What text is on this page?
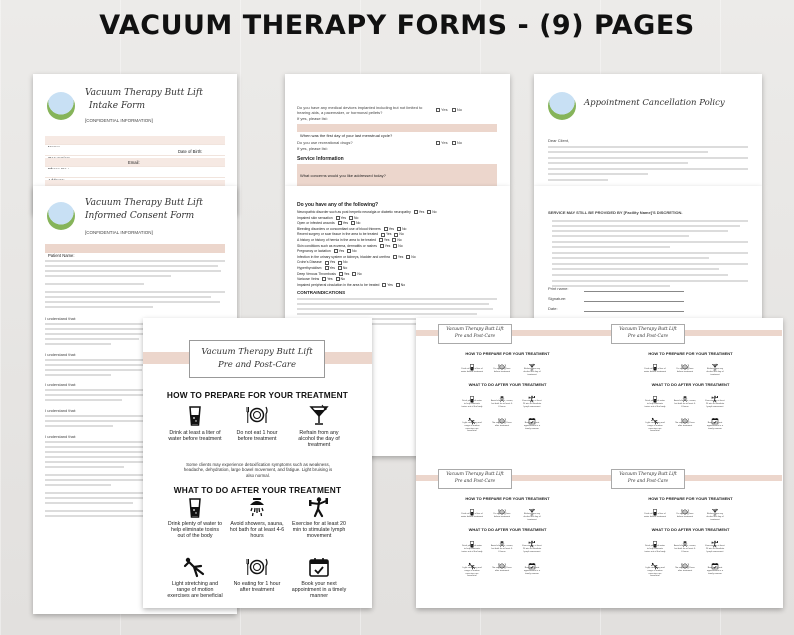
VACUUM THERAPY FORMS - (9) PAGES
Vacuum Therapy Butt Lift
Intake Form
[CONFIDENTIAL INFORMATION]
Date of Birth:
Email:
Vacuum Therapy Butt Lift
Informed Consent Form
[CONFIDENTIAL INFORMATION]
Patient Name:
I understand that:
I understand that:
I understand that:
I understand that:
I understand that:
Do you have any medical devices implanted including but not limited to hearing aids, a pacemaker, or hormonal pellets?
Yes No
If yes, please list:
When was the first day of your last menstrual cycle?
Do you use recreational drugs?	Yes No
If yes, please list:
Service Information
What concerns would you like addressed today?
Do you have any of the following?
Neuropathic disorder such as post herpetic neuralgia or diabetic neuropathy Yes No
Impaired skin sensation Yes No
Open or infected wounds Yes No
Bleeding disorders or concomitant use of blood thinners Yes No
Recent surgery or scar tissue in the area to be treated Yes No
A history or history of hernia in the area to be treated Yes No
Skin conditions such as eczema, dermatitis or rashes Yes No
Pregnancy or lactation Yes No
Infection in the urinary system or kidneys, bladder and urethra Yes No
Crohn's Disease Yes No
Hyperthyroidism Yes No
Deep Venous Thrombosis Yes No
Varicose Veins Yes No
Impaired peripheral circulation in the area to be treated Yes No
CONTRAINDICATIONS
Appointment Cancellation Policy
Dear Client,
SERVICE MAY STILL BE PROVIDED BY [Facility Name]'S DISCRETION.
Print name:
Signature:
Date:
Vacuum Therapy Butt Lift
Pre and Post-Care
HOW TO PREPARE FOR YOUR TREATMENT
Drink at least a liter of water before treatment
Do not eat 1 hour before treatment
Refrain from any alcohol the day of treatment
WHAT TO DO AFTER YOUR TREATMENT
Drink plenty of water to help eliminate toxins out of the body
Avoid showers, sauna, hot bath for at least 4-6 hours
Exercise for at least 20 min to stimulate lymph movement
Light stretching and range of motion exercises are beneficial
No eating for 1 hour after treatment
Book your next appointment in a timely manner
Vacuum Therapy Butt Lift
Pre and Post-Care
HOW TO PREPARE FOR YOUR TREATMENT
Drink at least a liter of water before treatment
Do not eat 1 hour before treatment
Refrain from any alcohol the day of treatment
WHAT TO DO AFTER YOUR TREATMENT
Drink plenty of water to help eliminate toxins out of the body
Avoid showers, sauna, hot bath for at least 4-6 hours
Exercise for at least 20 min to stimulate lymph movement
Light stretching and range of motion exercises are beneficial
No eating for 1 hour after treatment
Book your next appointment in a timely manner
Vacuum Therapy Butt Lift
Pre and Post-Care
HOW TO PREPARE FOR YOUR TREATMENT
Drink at least a liter of water before treatment
Do not eat 1 hour before treatment
Refrain from any alcohol the day of treatment
WHAT TO DO AFTER YOUR TREATMENT
Drink plenty of water to help eliminate toxins out of the body
Avoid showers, sauna, hot bath for at least 4-6 hours
Exercise for at least 20 min to stimulate lymph movement
Light stretching and range of motion exercises are beneficial
No eating for 1 hour after treatment
Book your next appointment in a timely manner
Vacuum Therapy Butt Lift
Pre and Post-Care
HOW TO PREPARE FOR YOUR TREATMENT
Drink at least a liter of water before treatment
Do not eat 1 hour before treatment
Refrain from any alcohol the day of treatment
WHAT TO DO AFTER YOUR TREATMENT
Drink plenty of water to help eliminate toxins out of the body
Avoid showers, sauna, hot bath for at least 4-6 hours
Exercise for at least 20 min to stimulate lymph movement
Light stretching and range of motion exercises are beneficial
No eating for 1 hour after treatment
Book your next appointment in a timely manner
Vacuum Therapy Butt Lift
Pre and Post-Care
HOW TO PREPARE FOR YOUR TREATMENT
Drink at least a liter of water before treatment
Do not eat 1 hour before treatment
Refrain from any alcohol the day of treatment
Some clients may experience detoxification symptoms such as weakness, headache, dehydration, large bowel movement, and fatigue. Light bruising is also normal.
WHAT TO DO AFTER YOUR TREATMENT
Drink plenty of water to help eliminate toxins out of the body
Avoid showers, sauna, hot bath for at least 4-6 hours
Exercise for at least 20 min to stimulate lymph movement
Light stretching and range of motion exercises are beneficial
No eating for 1 hour after treatment
Book your next appointment in a timely manner
